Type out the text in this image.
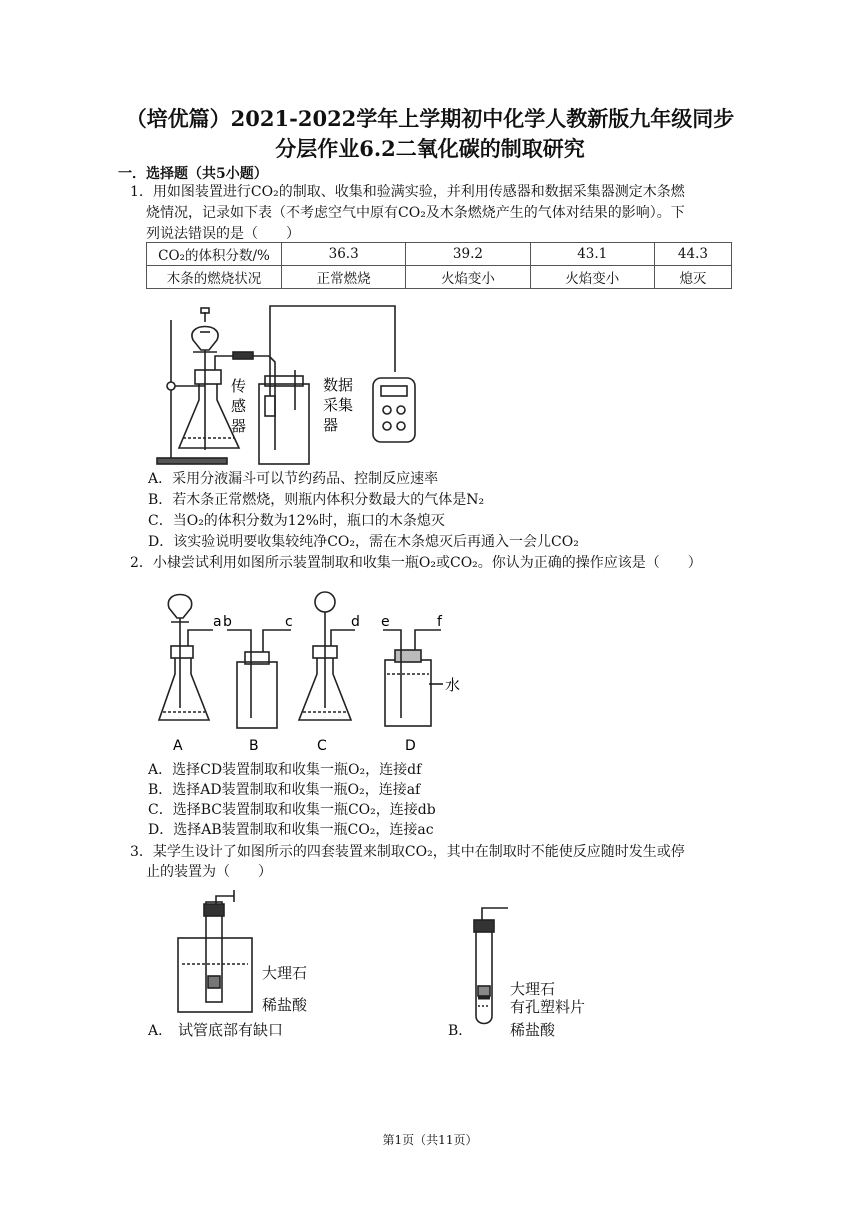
（培优篇）2021-2022学年上学期初中化学人教新版九年级同步
分层作业6.2二氧化碳的制取研究
一．选择题（共5小题）
1．用如图装置进行CO₂的制取、收集和验满实验，并利用传感器和数据采集器测定木条燃
烧情况，记录如下表（不考虑空气中原有CO₂及木条燃烧产生的气体对结果的影响）。下
列说法错误的是（　　）
CO₂的体积分数/%	36.3	39.2	43.1	44.3
木条的燃烧状况	正常燃烧	火焰变小	火焰变小	熄灭
传
感
器
数据
采集
器
A．采用分液漏斗可以节约药品、控制反应速率
B．若木条正常燃烧，则瓶内体积分数最大的气体是N₂
C．当O₂的体积分数为12%时，瓶口的木条熄灭
D．该实验说明要收集较纯净CO₂，需在木条熄灭后再通入一会儿CO₂
2．小棣尝试利用如图所示装置制取和收集一瓶O₂或CO₂。你认为正确的操作应该是（　　）
a b	c	d e	f
水
A	B	C	D
A．选择CD装置制取和收集一瓶O₂，连接df
B．选择AD装置制取和收集一瓶O₂，连接af
C．选择BC装置制取和收集一瓶CO₂，连接db
D．选择AB装置制取和收集一瓶CO₂，连接ac
3．某学生设计了如图所示的四套装置来制取CO₂，其中在制取时不能使反应随时发生或停
止的装置为（　　）
大理石
稀盐酸
A． 试管底部有缺口
大理石
有孔塑料片
稀盐酸
B．
第1页（共11页）
